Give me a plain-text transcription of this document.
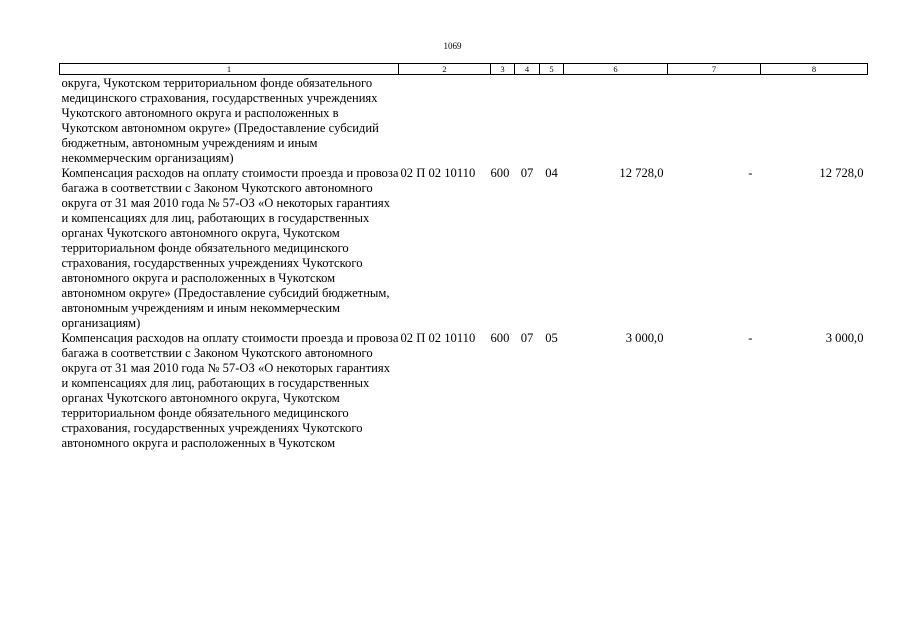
1069
1	2	3	4	5	6	7	8
округа, Чукотском территориальном фонде обязательного медицинского страхования, государственных учреждениях Чукотского автономного округа и расположенных в Чукотском автономном округе» (Предоставление субсидий бюджетным, автономным учреждениям и иным некоммерческим организациям)							
Компенсация расходов на оплату стоимости проезда и провоза багажа в соответствии с Законом Чукотского автономного округа от 31 мая 2010 года № 57-ОЗ «О некоторых гарантиях и компенсациях для лиц, работающих в государственных органах Чукотского автономного округа, Чукотском территориальном фонде обязательного медицинского страхования, государственных учреждениях Чукотского автономного округа и расположенных в Чукотском автономном округе» (Предоставление субсидий бюджетным, автономным учреждениям и иным некоммерческим организациям)	02 П 02 10110	600	07	04	12 728,0	-	12 728,0
Компенсация расходов на оплату стоимости проезда и провоза багажа в соответствии с Законом Чукотского автономного округа от 31 мая 2010 года № 57-ОЗ «О некоторых гарантиях и компенсациях для лиц, работающих в государственных органах Чукотского автономного округа, Чукотском территориальном фонде обязательного медицинского страхования, государственных учреждениях Чукотского автономного округа и расположенных в Чукотском	02 П 02 10110	600	07	05	3 000,0	-	3 000,0
